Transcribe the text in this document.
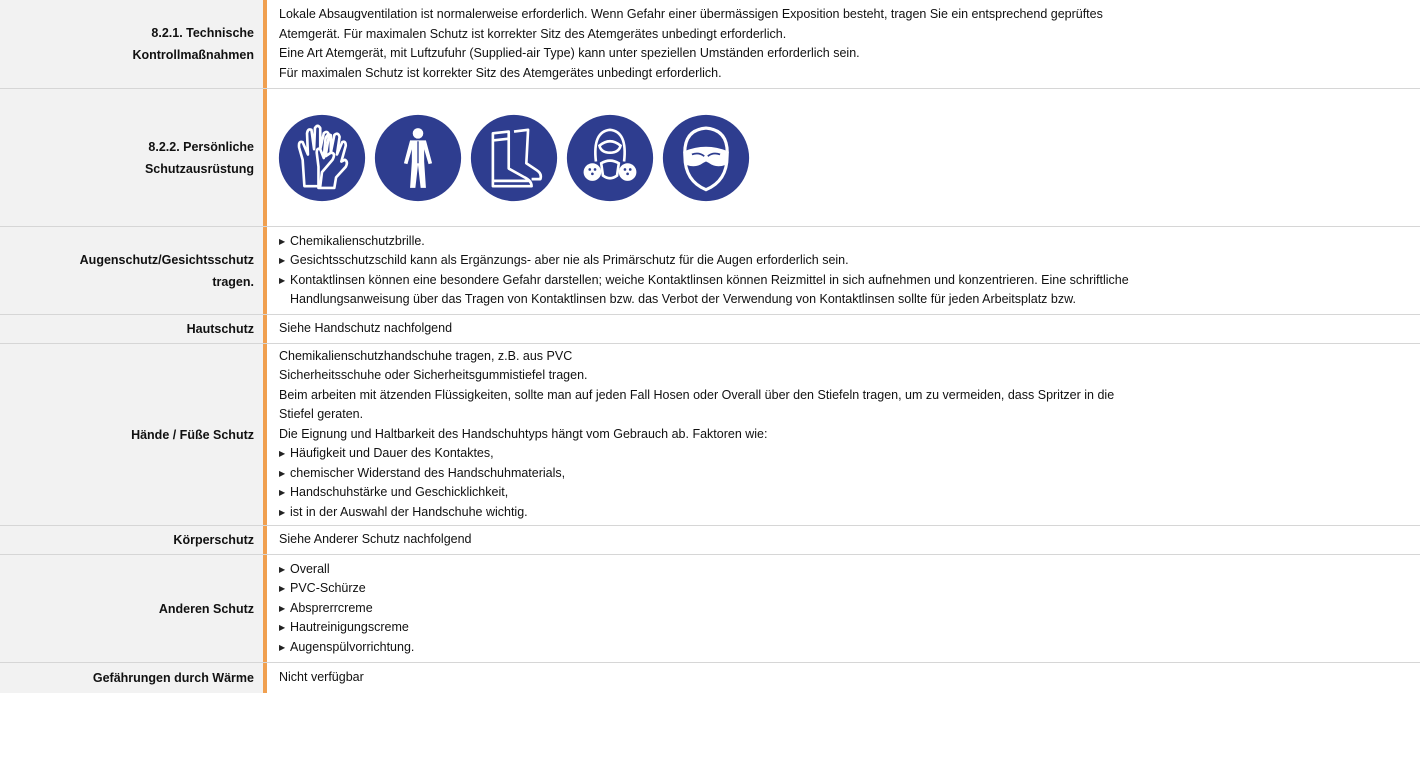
8.2.1. Technische
Kontrollmaßnahmen
Lokale Absaugventilation ist normalerweise erforderlich. Wenn Gefahr einer übermässigen Exposition besteht, tragen Sie ein entsprechend geprüftes
Atemgerät. Für maximalen Schutz ist korrekter Sitz des Atemgerätes unbedingt erforderlich.
Eine Art Atemgerät, mit Luftzufuhr (Supplied-air Type) kann unter speziellen Umständen erforderlich sein.
Für maximalen Schutz ist korrekter Sitz des Atemgerätes unbedingt erforderlich.
8.2.2. Persönliche
Schutzausrüstung
Augenschutz/Gesichtsschutz
tragen.
▶ Chemikalienschutzbrille.
▶ Gesichtsschutzschild kann als Ergänzungs- aber nie als Primärschutz für die Augen erforderlich sein.
▶ Kontaktlinsen können eine besondere Gefahr darstellen; weiche Kontaktlinsen können Reizmittel in sich aufnehmen und konzentrieren. Eine schriftliche
Handlungsanweisung über das Tragen von Kontaktlinsen bzw. das Verbot der Verwendung von Kontaktlinsen sollte für jeden Arbeitsplatz bzw.
Hautschutz Siehe Handschutz nachfolgend
Hände / Füße Schutz
Chemikalienschutzhandschuhe tragen, z.B. aus PVC
Sicherheitsschuhe oder Sicherheitsgummistiefel tragen.
Beim arbeiten mit ätzenden Flüssigkeiten, sollte man auf jeden Fall Hosen oder Overall über den Stiefeln tragen, um zu vermeiden, dass Spritzer in die
Stiefel geraten.
Die Eignung und Haltbarkeit des Handschuhtyps hängt vom Gebrauch ab. Faktoren wie:
▶ Häufigkeit und Dauer des Kontaktes,
▶ chemischer Widerstand des Handschuhmaterials,
▶ Handschuhstärke und Geschicklichkeit,
▶ ist in der Auswahl der Handschuhe wichtig.
Körperschutz Siehe Anderer Schutz nachfolgend
Anderen Schutz
▶ Overall
▶ PVC-Schürze
▶ Absprerrcreme
▶ Hautreinigungscreme
▶ Augenspülvorrichtung.
Gefährungen durch Wärme Nicht verfügbar
